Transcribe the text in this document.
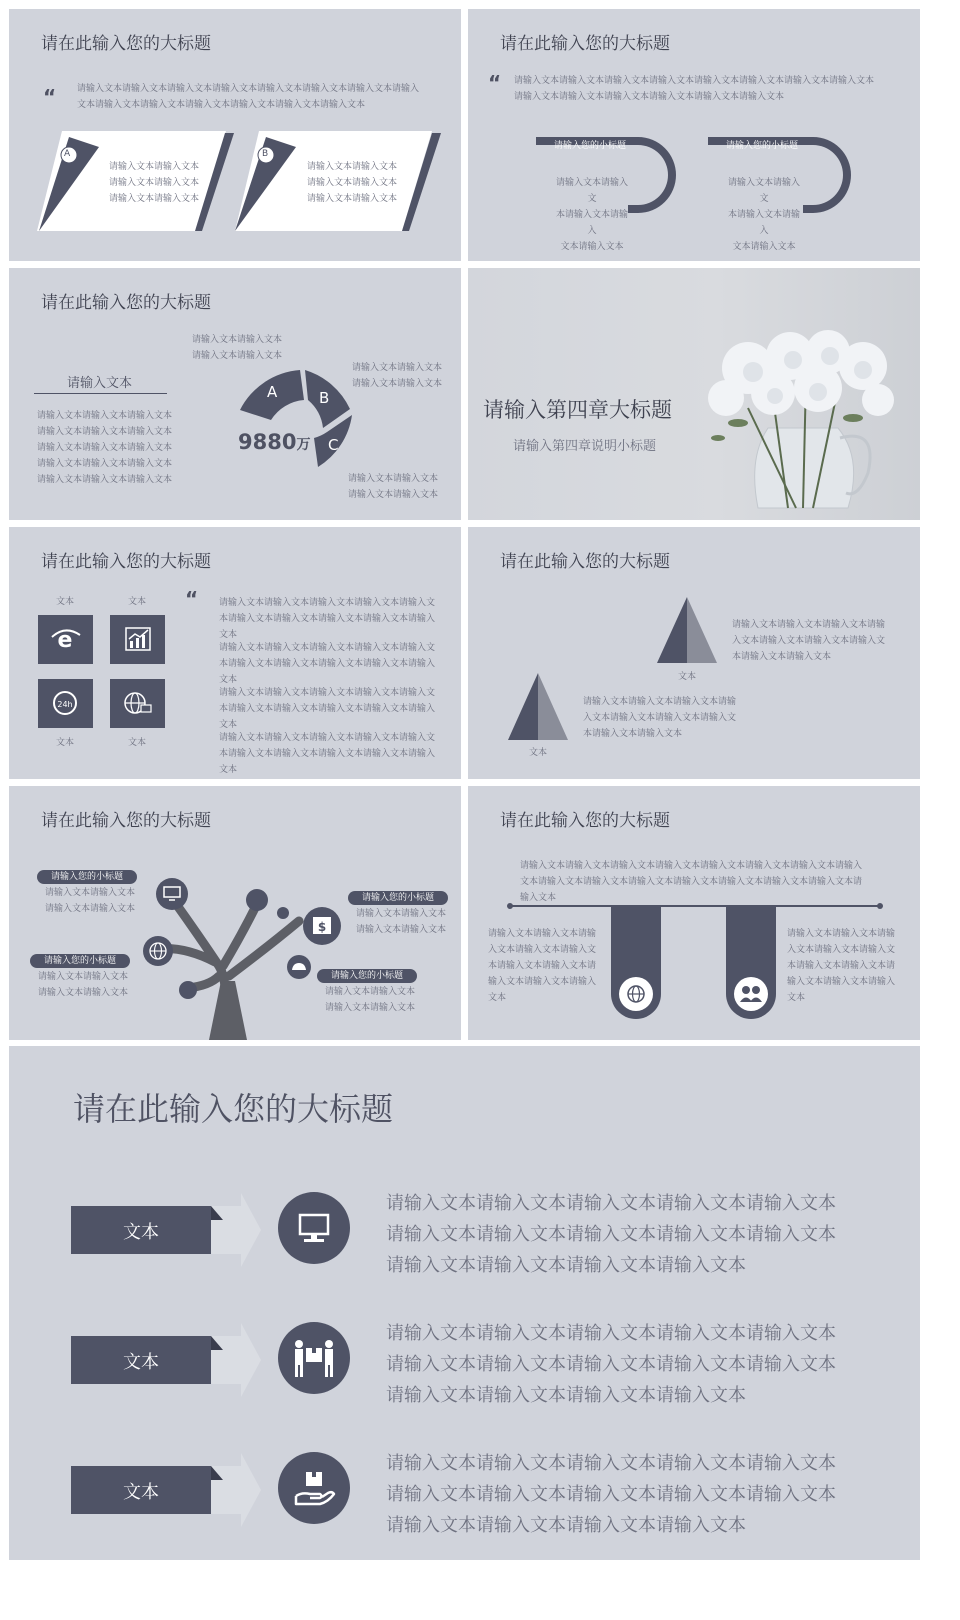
请在此输入您的大标题
“ 请输入文本请输入文本请输入文本请输入文本请输入文本请输入文本请输入文本请输入文本请输入文本请输入文本请输入文本请输入文本请输入文本请输入文本
A	B
请输入文本请输入文本
请输入文本请输入文本
请输入文本请输入文本
请输入文本请输入文本
请输入文本请输入文本
请输入文本请输入文本
请在此输入您的大标题
“ 请输入文本请输入文本请输入文本请输入文本请输入文本请输入文本请输入文本请输入文本请输入文本请输入文本请输入文本请输入文本请输入文本请输入文本
请输入您的小标题	请输入您的小标题
请输入文本请输入文
本请输入文本请输入
文本请输入文本
请输入文本请输入文
本请输入文本请输入
文本请输入文本
请在此输入您的大标题
请输入文本
请输入文本请输入文本请输入文本
请输入文本请输入文本请输入文本
请输入文本请输入文本请输入文本
请输入文本请输入文本请输入文本
请输入文本请输入文本请输入文本
请输入文本请输入文本
请输入文本请输入文本
请输入文本请输入文本
请输入文本请输入文本
请输入文本请输入文本
请输入文本请输入文本
A	B
C
9880万
请输入第四章大标题
请输入第四章说明小标题
请在此输入您的大标题
文本	文本
文本	文本
e
24h
“ 请输入文本请输入文本请输入文本请输入文本请输入文本请输入文本请输入文本请输入文本请输入文本请输入文本
请输入文本请输入文本请输入文本请输入文本请输入文本请输入文本请输入文本请输入文本请输入文本请输入文本
请输入文本请输入文本请输入文本请输入文本请输入文本请输入文本请输入文本请输入文本请输入文本请输入文本
请输入文本请输入文本请输入文本请输入文本请输入文本请输入文本请输入文本请输入文本请输入文本请输入文本
请在此输入您的大标题
文本
请输入文本请输入文本请输入文本请输入文本请输入文本请输入文本请输入文本请输入文本请输入文本
文本
请输入文本请输入文本请输入文本请输入文本请输入文本请输入文本请输入文本请输入文本请输入文本
请在此输入您的大标题
$
请输入您的小标题
请输入文本请输入文本
请输入文本请输入文本
请输入您的小标题
请输入文本请输入文本
请输入文本请输入文本
请输入您的小标题
请输入文本请输入文本
请输入文本请输入文本
请输入您的小标题
请输入文本请输入文本
请输入文本请输入文本
请在此输入您的大标题
请输入文本请输入文本请输入文本请输入文本请输入文本请输入文本请输入文本请输入文本请输入文本请输入文本请输入文本请输入文本请输入文本请输入文本请输入文本请输入文本
请输入文本请输入文本请输入文本请输入文本请输入文本请输入文本请输入文本请输入文本请输入文本请输入文本
请输入文本请输入文本请输入文本请输入文本请输入文本请输入文本请输入文本请输入文本请输入文本请输入文本
请在此输入您的大标题
文本
文本
文本
请输入文本请输入文本请输入文本请输入文本请输入文本请输入文本请输入文本请输入文本请输入文本请输入文本请输入文本请输入文本请输入文本请输入文本
请输入文本请输入文本请输入文本请输入文本请输入文本请输入文本请输入文本请输入文本请输入文本请输入文本请输入文本请输入文本请输入文本请输入文本
请输入文本请输入文本请输入文本请输入文本请输入文本请输入文本请输入文本请输入文本请输入文本请输入文本请输入文本请输入文本请输入文本请输入文本
